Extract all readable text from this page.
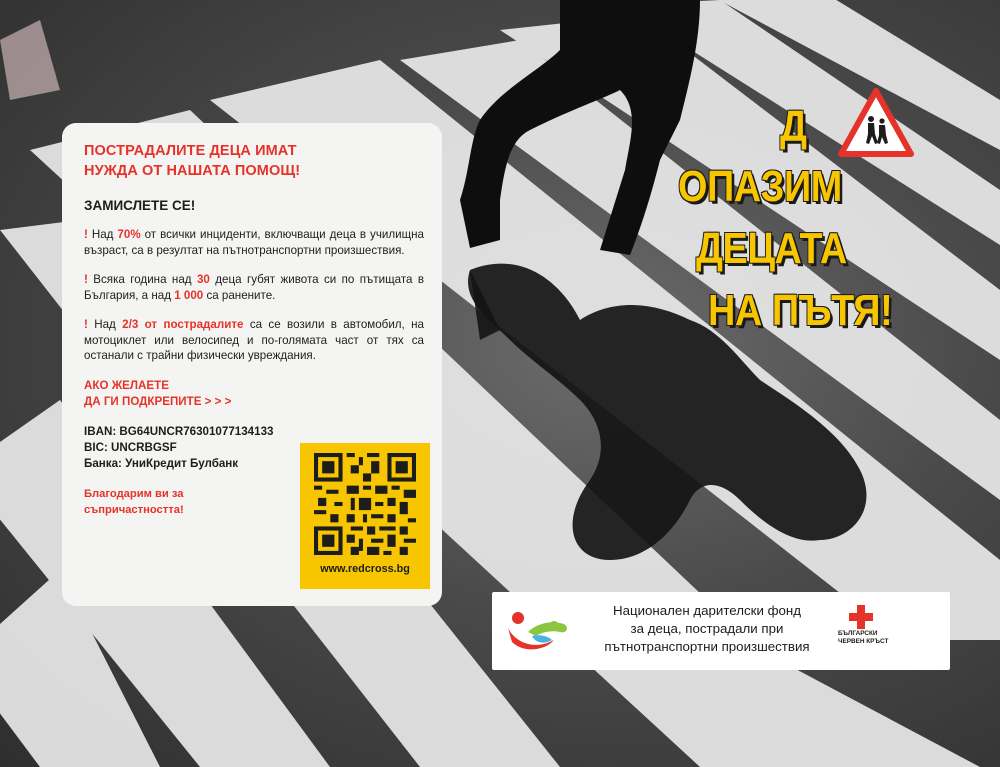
ПОСТРАДАЛИТЕ ДЕЦА ИМАТ НУЖДА ОТ НАШАТА ПОМОЩ!
ЗАМИСЛЕТЕ СЕ!
! Над 70% от всички инциденти, включващи деца в училищна възраст, са в резултат на пътнотранспортни произшествия.
! Всяка година над 30 деца губят живота си по пътищата в България, а над 1 000 са ранените.
! Над 2/3 от пострадалите са се возили в автомобил, на мотоциклет или велосипед и по-голямата част от тях са останали с трайни физически увреждания.
АКО ЖЕЛАЕТЕ
ДА ГИ ПОДКРЕПИТЕ > > >
IBAN: BG64UNCR76301077134133
BIC: UNCRBGSF
Банка: УниКредит Булбанк
Благодарим ви за
съпричастността!
www.redcross.bg
Д
ОПАЗИМ
ДЕЦАТА
НА ПЪТЯ!
Национален дарителски фонд
за деца, пострадали при
пътнотранспортни произшествия
БЪЛГАРСКИ
ЧЕРВЕН КРЪСТ
